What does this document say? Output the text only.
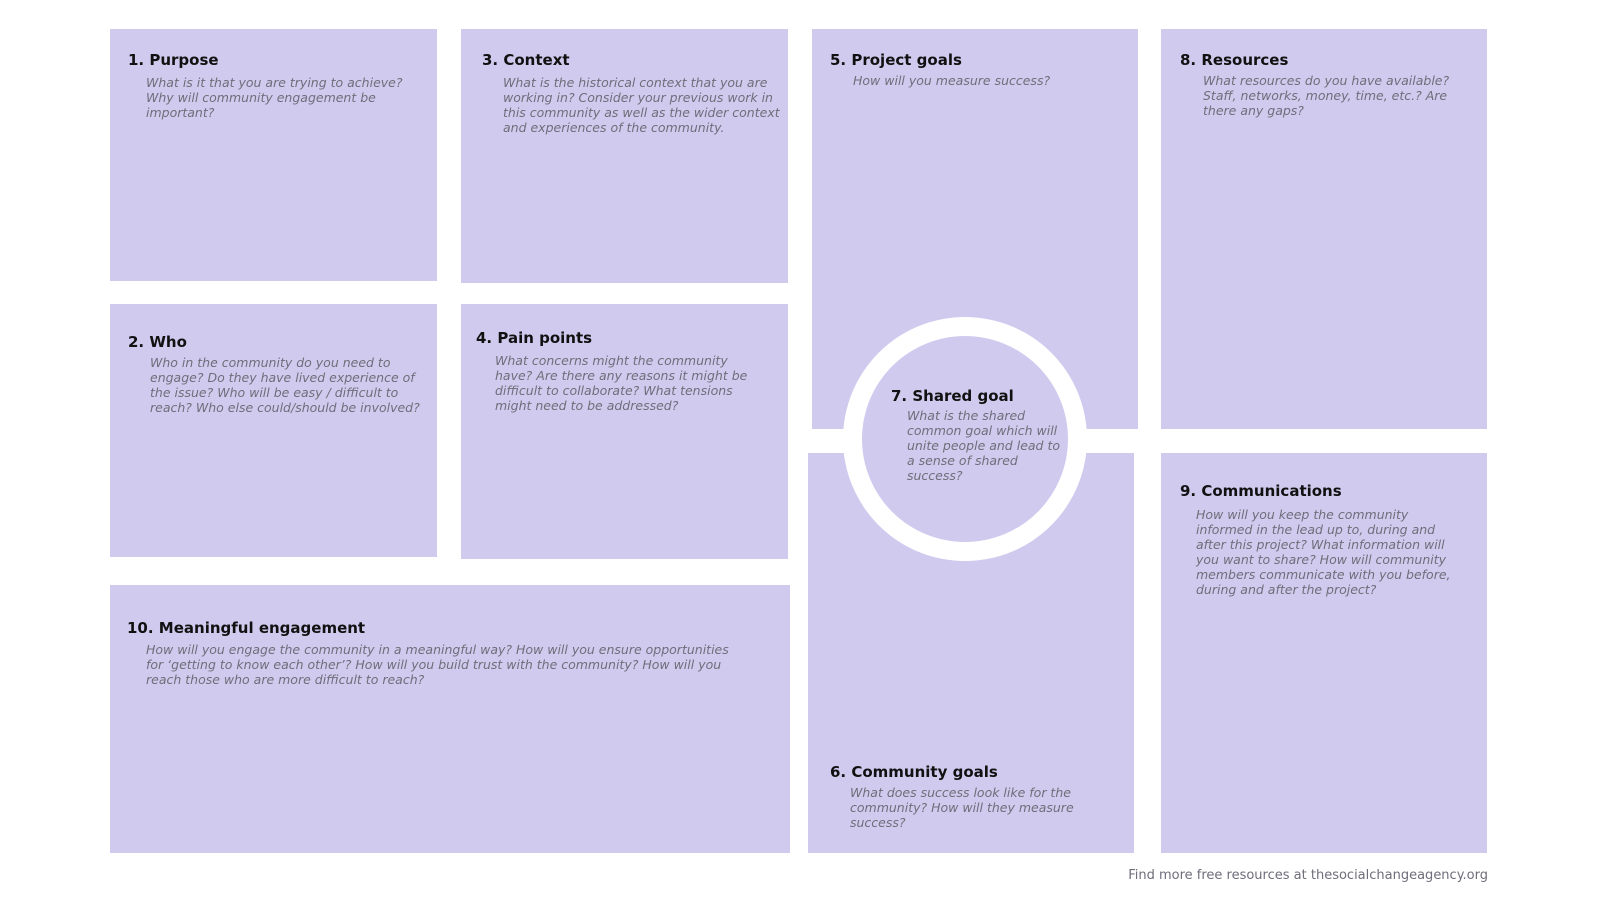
1. Purpose
What is it that you are trying to achieve? Why will community engagement be important?
2. Who
Who in the community do you need to engage? Do they have lived experience of the issue? Who will be easy / difficult to reach? Who else could/should be involved?
3. Context
What is the historical context that you are working in? Consider your previous work in this community as well as the wider context and experiences of the community.
4. Pain points
What concerns might the community have? Are there any reasons it might be difficult to collaborate? What tensions might need to be addressed?
5. Project goals
How will you measure success?
6. Community goals
What does success look like for the community? How will they measure success?
8. Resources
What resources do you have available? Staff, networks, money, time, etc.? Are there any gaps?
9. Communications
How will you keep the community informed in the lead up to, during and after this project? What information will you want to share? How will community members communicate with you before, during and after the project?
10. Meaningful engagement
How will you engage the community in a meaningful way? How will you ensure opportunities for ‘getting to know each other’? How will you build trust with the community? How will you reach those who are more difficult to reach?
7. Shared goal
What is the shared common goal which will unite people and lead to a sense of shared success?
Find more free resources at thesocialchangeagency.org
